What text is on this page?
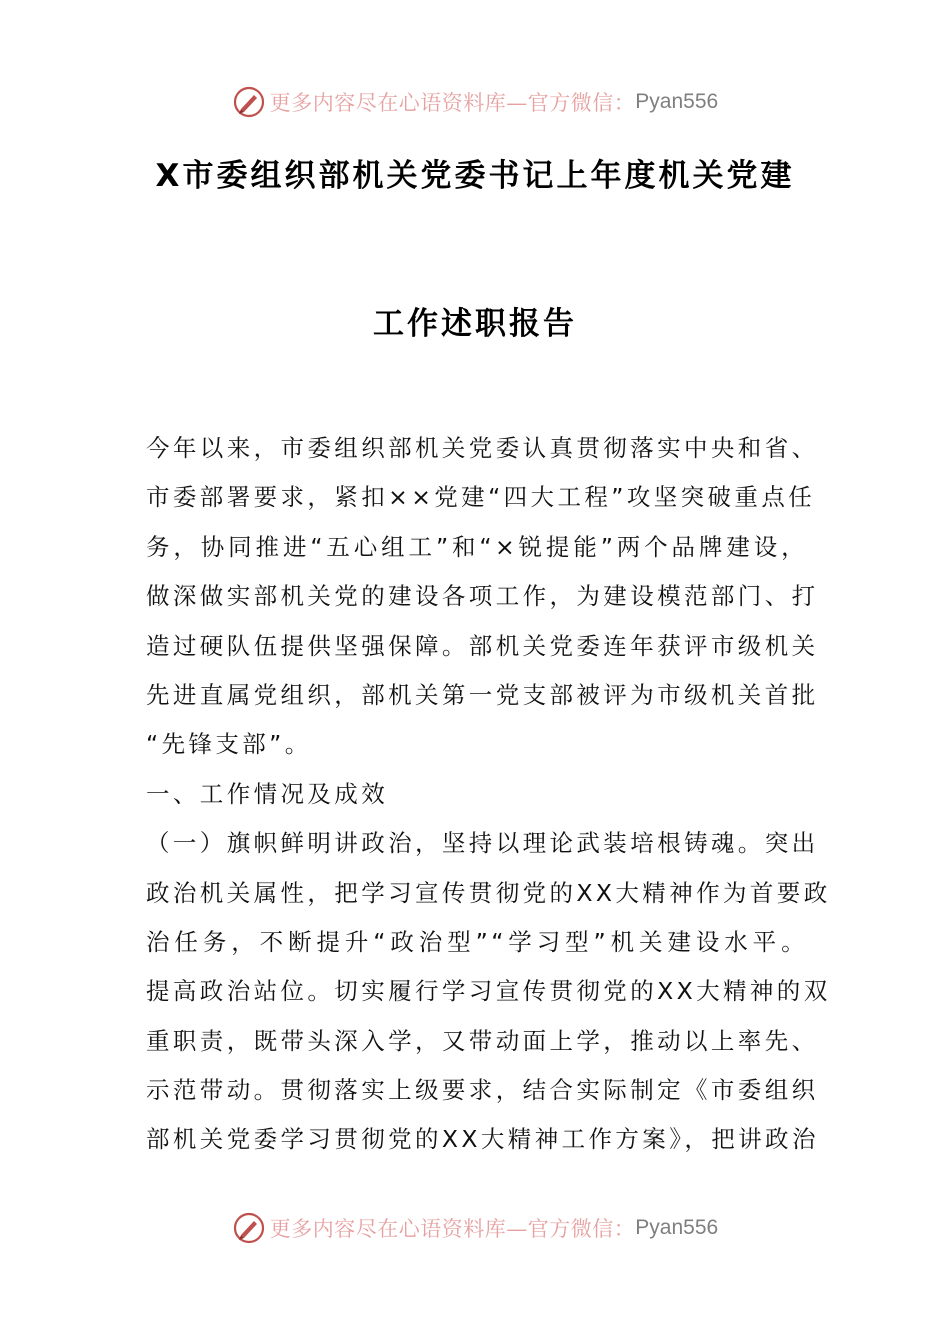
更多内容尽在心语资料库—官方微信： Pyan556
X市委组织部机关党委书记上年度机关党建
工作述职报告
今年以来，市委组织部机关党委认真贯彻落实中央和省、
市委部署要求，紧扣××党建“四大工程”攻坚突破重点任
务，协同推进“五心组工”和“×锐提能”两个品牌建设，
做深做实部机关党的建设各项工作，为建设模范部门、打
造过硬队伍提供坚强保障。部机关党委连年获评市级机关
先进直属党组织，部机关第一党支部被评为市级机关首批
“先锋支部”。
一、工作情况及成效
（一）旗帜鲜明讲政治，坚持以理论武装培根铸魂。突出
政治机关属性，把学习宣传贯彻党的XX大精神作为首要政
治任务，不断提升“政治型”“学习型”机关建设水平。
提高政治站位。切实履行学习宣传贯彻党的XX大精神的双
重职责，既带头深入学，又带动面上学，推动以上率先、
示范带动。贯彻落实上级要求，结合实际制定《市委组织
部机关党委学习贯彻党的XX大精神工作方案》，把讲政治
更多内容尽在心语资料库—官方微信： Pyan556
